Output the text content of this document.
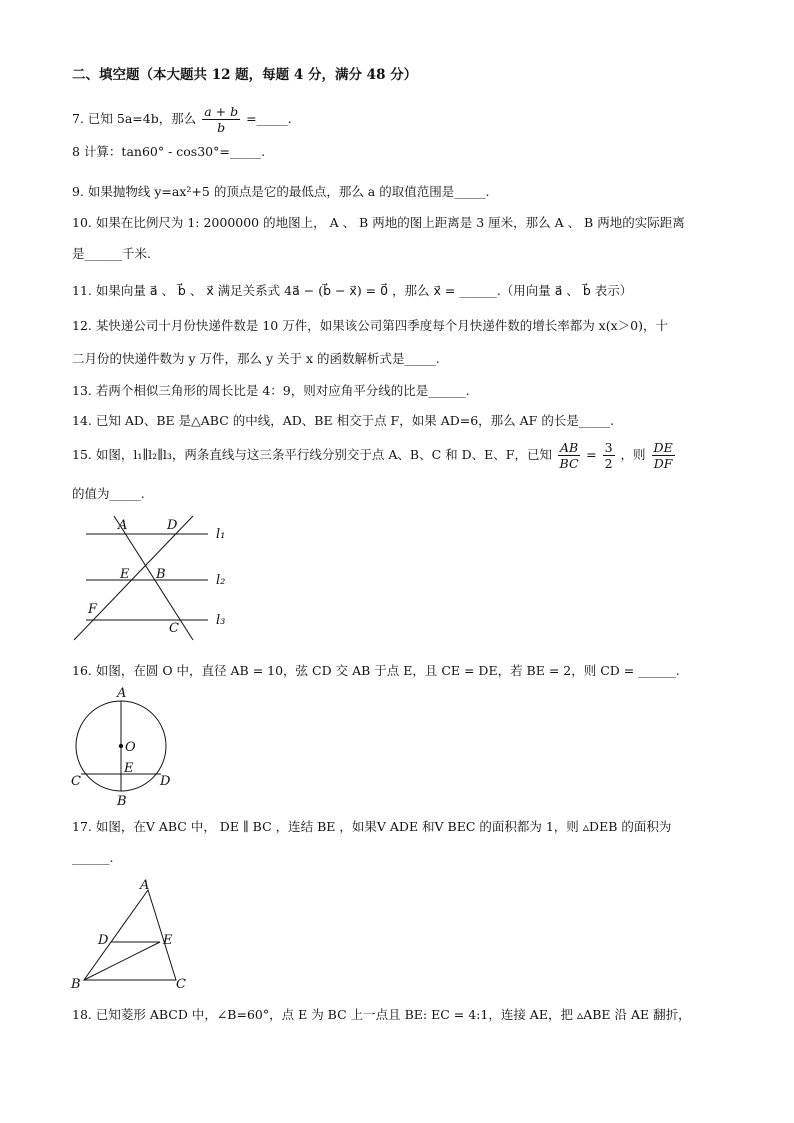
二、填空题（本大题共 12 题，每题 4 分，满分 48 分）
7. 已知 5a=4b，那么 $\frac{a + b}{b}$ =_____.
8 计算：tan60° - cos30°=_____.
9. 如果抛物线 y=ax²+5 的顶点是它的最低点，那么 a 的取值范围是_____.
10. 如果在比例尺为 1: 2000000 的地图上， A 、 B 两地的图上距离是 3 厘米，那么 A 、 B 两地的实际距离
是______千米.
11. 如果向量 a⃗ 、 b⃗ 、 x⃗ 满足关系式 4a⃗ − (b⃗ − x⃗) = 0⃗ ，那么 x⃗ = ______.（用向量 a⃗ 、 b⃗ 表示）
12. 某快递公司十月份快递件数是 10 万件，如果该公司第四季度每个月快递件数的增长率都为 x(x＞0)，十
二月份的快递件数为 y 万件，那么 y 关于 x 的函数解析式是_____.
13. 若两个相似三角形的周长比是 4：9，则对应角平分线的比是______.
14. 已知 AD、BE 是△ABC 的中线，AD、BE 相交于点 F，如果 AD=6，那么 AF 的长是_____.
15. 如图，l₁∥l₂∥l₃，两条直线与这三条平行线分别交于点 A、B、C 和 D、E、F，已知 $\frac{AB}{BC} = \frac{3}{2}$ ，则 $\frac{DE}{DF}$
的值为_____.
A	D
E B
F
C
l₁
l₂
l₃
16. 如图，在圆 O 中，直径 AB = 10，弦 CD 交 AB 于点 E，且 CE = DE，若 BE = 2，则 CD = ______.
A
O
E
C	D
B
17. 如图，在V ABC 中， DE ∥ BC ，连结 BE ，如果V ADE 和V BEC 的面积都为 1，则 ▵DEB 的面积为
______.
A
D	E
B	C
18. 已知菱形 ABCD 中，∠B=60°，点 E 为 BC 上一点且 BE: EC = 4:1，连接 AE，把 ▵ABE 沿 AE 翻折，
